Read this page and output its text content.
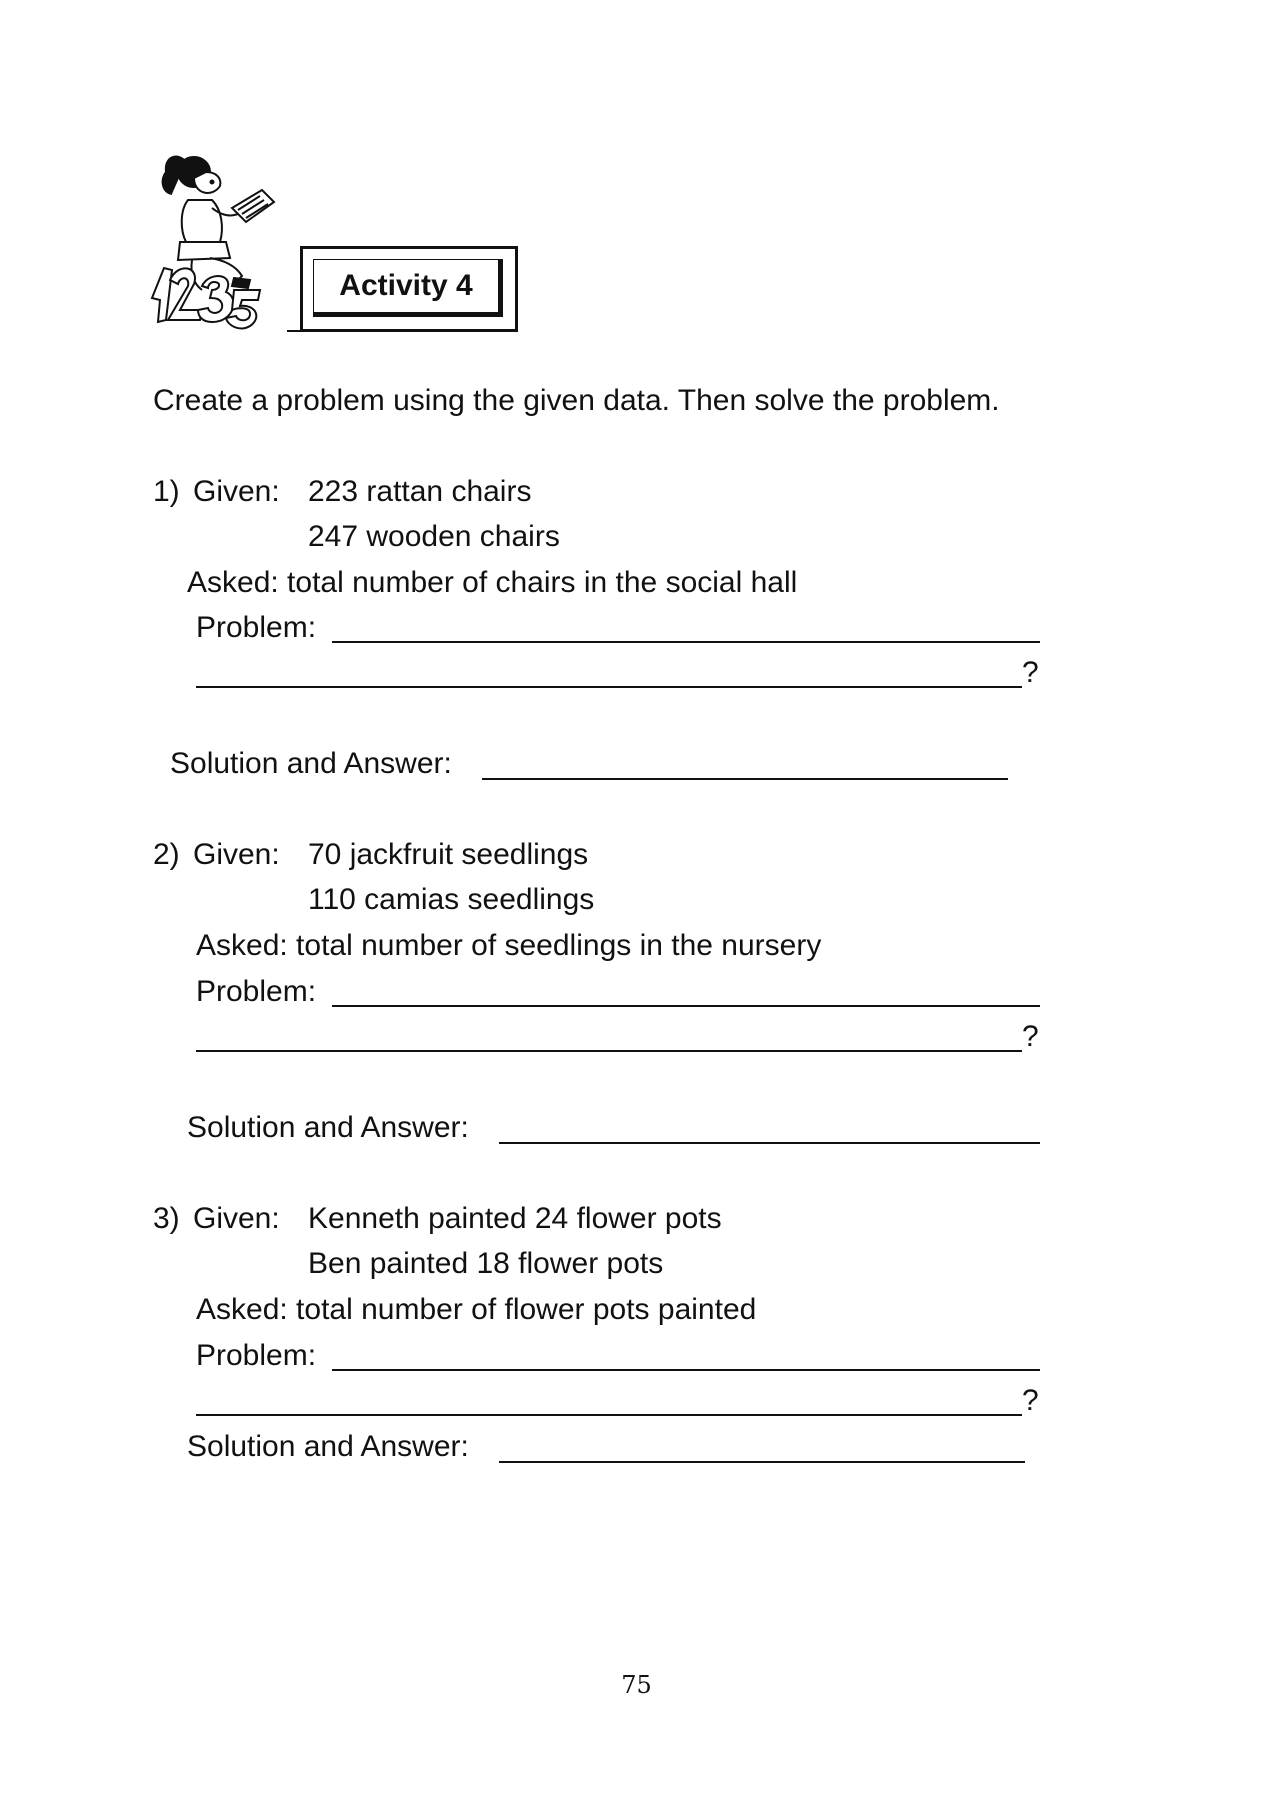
Activity 4
Create a problem using the given data. Then solve the problem.
1) Given: 223 rattan chairs
247 wooden chairs
Asked: total number of chairs in the social hall
Problem:
?
Solution and Answer:
2) Given: 70 jackfruit seedlings
110 camias seedlings
Asked: total number of seedlings in the nursery
Problem:
?
Solution and Answer:
3) Given: Kenneth painted 24 flower pots
Ben painted 18 flower pots
Asked: total number of flower pots painted
Problem:
?
Solution and Answer:
75
